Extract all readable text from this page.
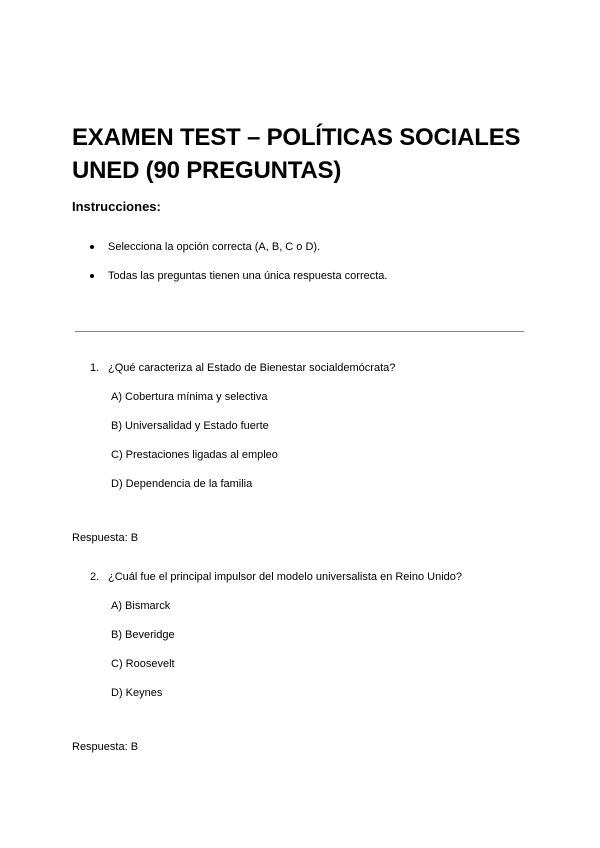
EXAMEN TEST – POLÍTICAS SOCIALES UNED (90 PREGUNTAS)
Instrucciones:
Selecciona la opción correcta (A, B, C o D).
Todas las preguntas tienen una única respuesta correcta.

1. ¿Qué caracteriza al Estado de Bienestar socialdemócrata?

A) Cobertura mínima y selectiva
B) Universalidad y Estado fuerte
C) Prestaciones ligadas al empleo
D) Dependencia de la familia
Respuesta: B

2. ¿Cuál fue el principal impulsor del modelo universalista en Reino Unido?

A) Bismarck
B) Beveridge
C) Roosevelt
D) Keynes
Respuesta: B
